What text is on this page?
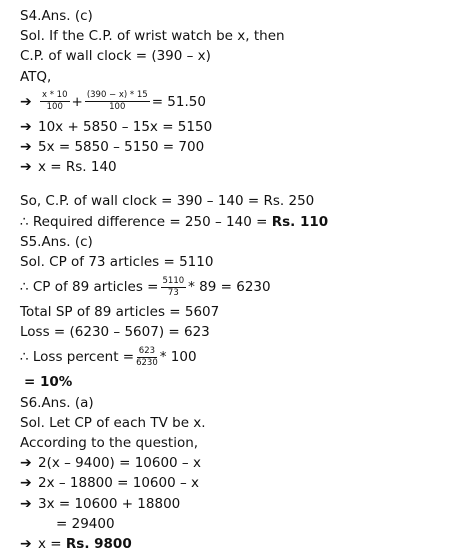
S4.Ans. (c)
Sol. If the C.P. of wrist watch be x, then
C.P. of wall clock = (390 – x)
ATQ,
➔ $\frac{x * 10}{100} + \frac{(390 - x) * 15}{100} = 51.50$
➔ 10x + 5850 – 15x = 5150
➔ 5x = 5850 – 5150 = 700
➔ x = Rs. 140
So, C.P. of wall clock = 390 – 140 = Rs. 250
∴ Required difference = 250 – 140 = Rs. 110
S5.Ans. (c)
Sol. CP of 73 articles = 5110
∴ CP of 89 articles = $\frac{5110}{73} * 89 = 6230$
Total SP of 89 articles = 5607
Loss = (6230 – 5607) = 623
∴ Loss percent = $\frac{623}{6230} * 100$
= 10%
S6.Ans. (a)
Sol. Let CP of each TV be x.
According to the question,
➔ 2(x – 9400) = 10600 – x
➔ 2x – 18800 = 10600 – x
➔ 3x = 10600 + 18800
= 29400
➔ x = Rs. 9800
